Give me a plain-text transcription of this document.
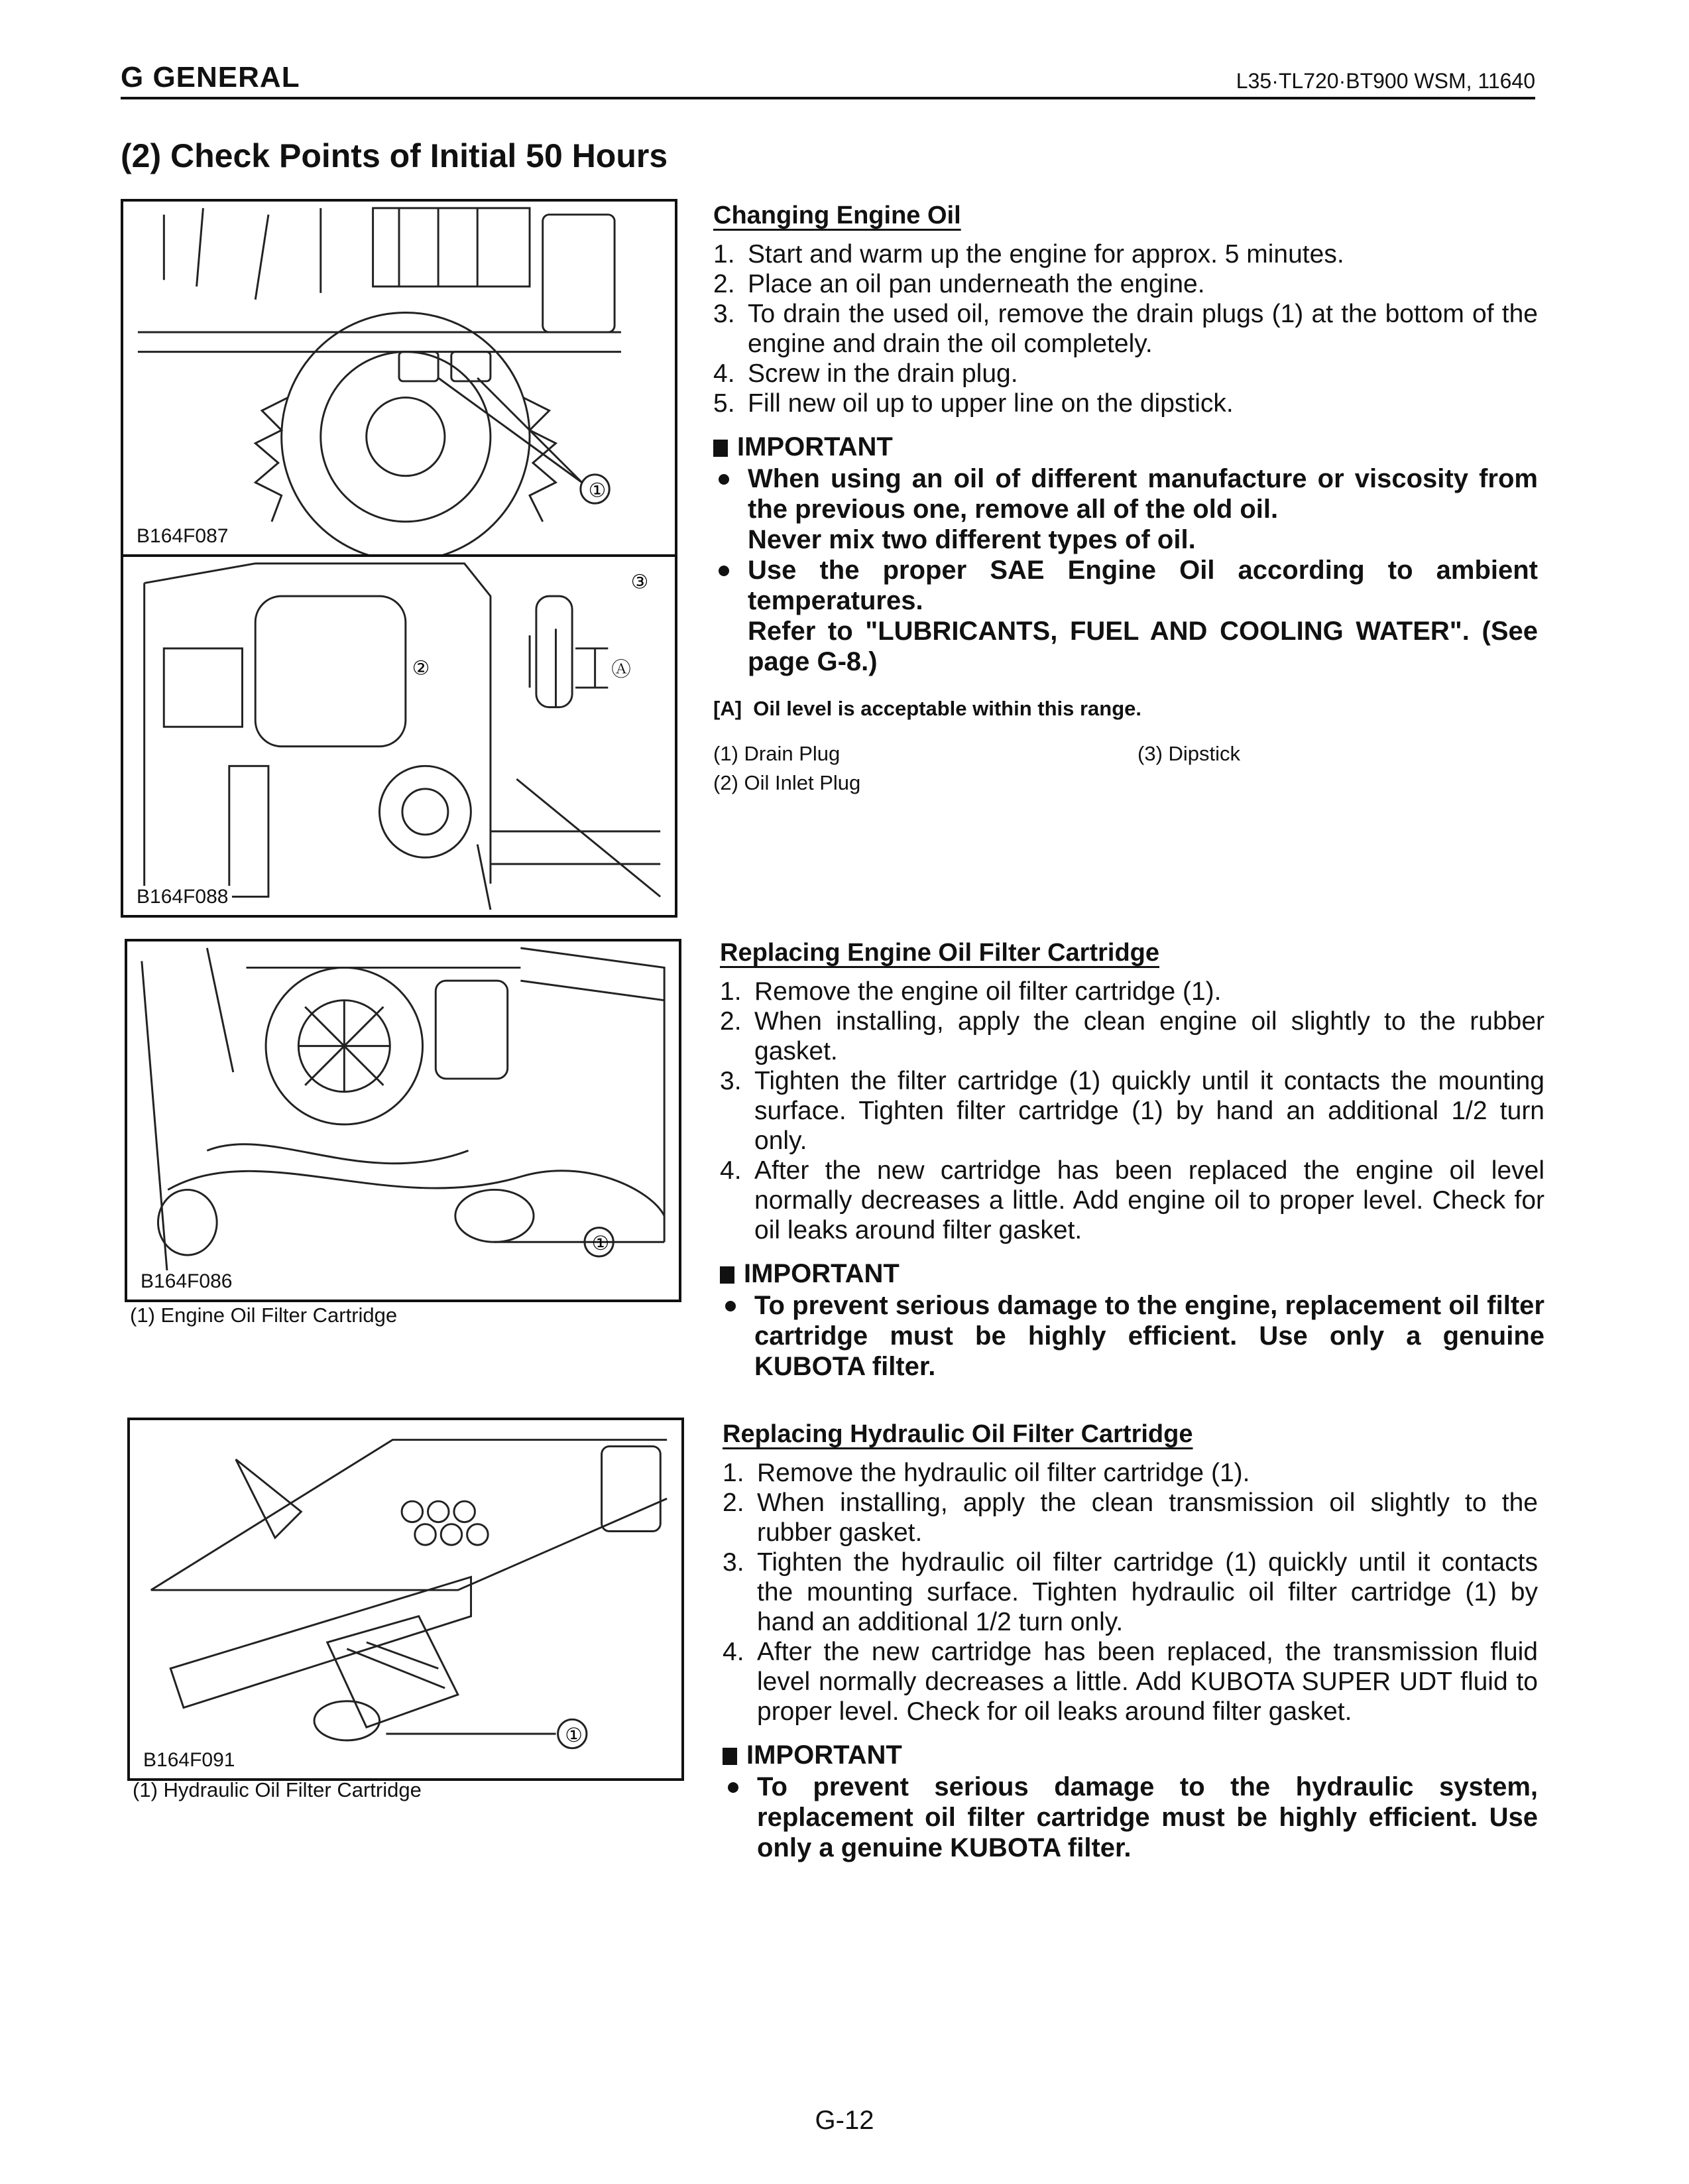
G GENERAL	L35·TL720·BT900 WSM, 11640
(2) Check Points of Initial 50 Hours
①
B164F087
③
②	Ⓐ
B164F088
①
B164F086
(1) Engine Oil Filter Cartridge
①
B164F091
(1) Hydraulic Oil Filter Cartridge
Changing Engine Oil
1. Start and warm up the engine for approx. 5 minutes.
2. Place an oil pan underneath the engine.
3. To drain the used oil, remove the drain plugs (1) at the bottom of the engine and drain the oil completely.
4. Screw in the drain plug.
5. Fill new oil up to upper line on the dipstick.
IMPORTANT
When using an oil of different manufacture or viscosity from the previous one, remove all of the old oil.
Never mix two different types of oil.
Use the proper SAE Engine Oil according to ambient temperatures.
Refer to "LUBRICANTS, FUEL AND COOLING WATER". (See page G-8.)
[A] Oil level is acceptable within this range.
(1) Drain Plug
(2) Oil Inlet Plug
(3) Dipstick
Replacing Engine Oil Filter Cartridge
1. Remove the engine oil filter cartridge (1).
2. When installing, apply the clean engine oil slightly to the rubber gasket.
3. Tighten the filter cartridge (1) quickly until it contacts the mounting surface. Tighten filter cartridge (1) by hand an additional 1/2 turn only.
4. After the new cartridge has been replaced the engine oil level normally decreases a little. Add engine oil to proper level. Check for oil leaks around filter gasket.
IMPORTANT
To prevent serious damage to the engine, replacement oil filter cartridge must be highly efficient. Use only a genuine KUBOTA filter.
Replacing Hydraulic Oil Filter Cartridge
1. Remove the hydraulic oil filter cartridge (1).
2. When installing, apply the clean transmission oil slightly to the rubber gasket.
3. Tighten the hydraulic oil filter cartridge (1) quickly until it contacts the mounting surface. Tighten hydraulic oil filter cartridge (1) by hand an additional 1/2 turn only.
4. After the new cartridge has been replaced, the transmission fluid level normally decreases a little. Add KUBOTA SUPER UDT fluid to proper level. Check for oil leaks around filter gasket.
IMPORTANT
To prevent serious damage to the hydraulic system, replacement oil filter cartridge must be highly efficient. Use only a genuine KUBOTA filter.
G-12
